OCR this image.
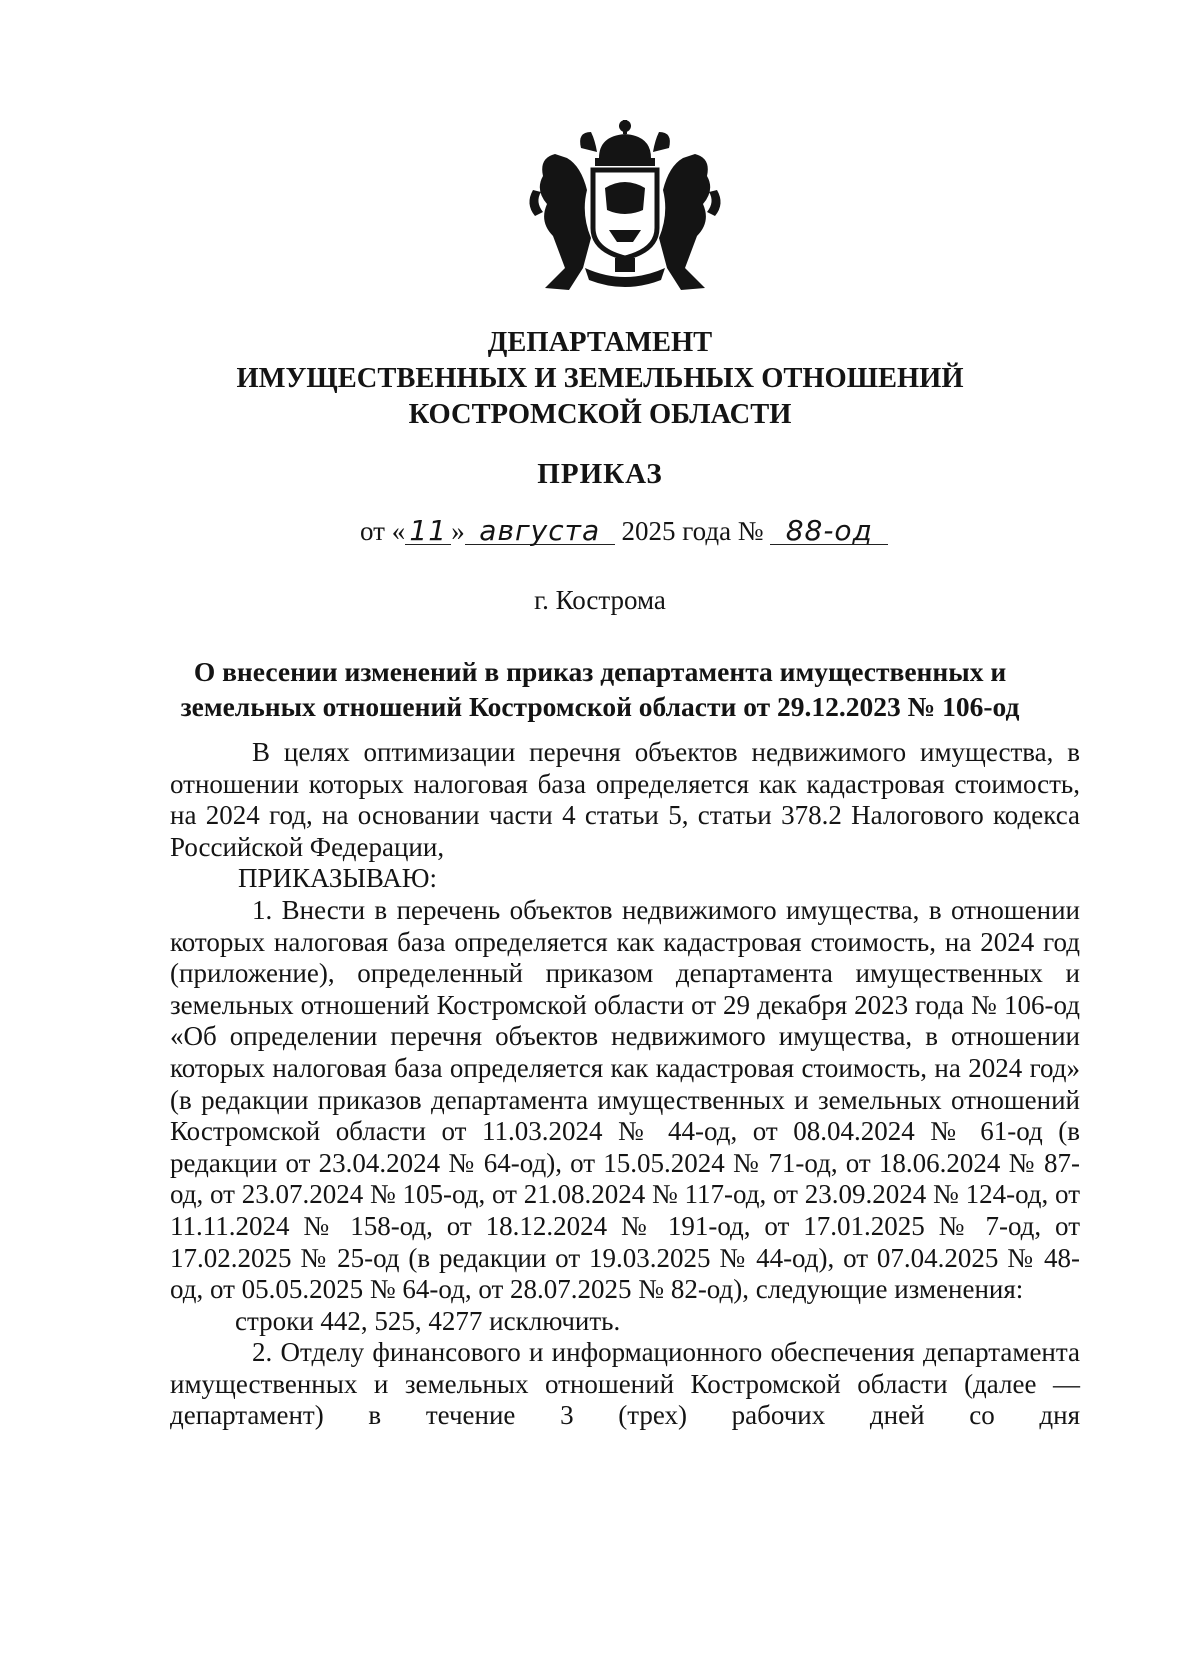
ДЕПАРТАМЕНТ
ИМУЩЕСТВЕННЫХ И ЗЕМЕЛЬНЫХ ОТНОШЕНИЙ
КОСТРОМСКОЙ ОБЛАСТИ
ПРИКАЗ
от « 11 » августа 2025 года № 88-од
г. Кострома
О внесении изменений в приказ департамента имущественных и
земельных отношений Костромской области от 29.12.2023 № 106-од

В целях оптимизации перечня объектов недвижимого имущества, в отношении которых налоговая база определяется как кадастровая стоимость, на 2024 год, на основании части 4 статьи 5, статьи 378.2 Налогового кодекса Российской Федерации,

ПРИКАЗЫВАЮ:

1. Внести в перечень объектов недвижимого имущества, в отношении которых налоговая база определяется как кадастровая стоимость, на 2024 год (приложение), определенный приказом департамента имущественных и земельных отношений Костромской области от 29 декабря 2023 года № 106-од «Об определении перечня объектов недвижимого имущества, в отношении которых налоговая база определяется как кадастровая стоимость, на 2024 год» (в редакции приказов департамента имущественных и земельных отношений Костромской области от 11.03.2024 № 44-од, от 08.04.2024 № 61-од (в редакции от 23.04.2024 № 64-од), от 15.05.2024 № 71-од, от 18.06.2024 № 87-од, от 23.07.2024 № 105-од, от 21.08.2024 № 117-од, от 23.09.2024 № 124-од, от 11.11.2024 № 158-од, от 18.12.2024 № 191-од, от 17.01.2025 № 7-од, от 17.02.2025 № 25-од (в редакции от 19.03.2025 № 44-од), от 07.04.2025 № 48-од, от 05.05.2025 № 64-од, от 28.07.2025 № 82-од), следующие изменения:

строки 442, 525, 4277 исключить.

2. Отделу финансового и информационного обеспечения департамента имущественных и земельных отношений Костромской области (далее — департамент) в течение 3 (трех) рабочих дней со дня
